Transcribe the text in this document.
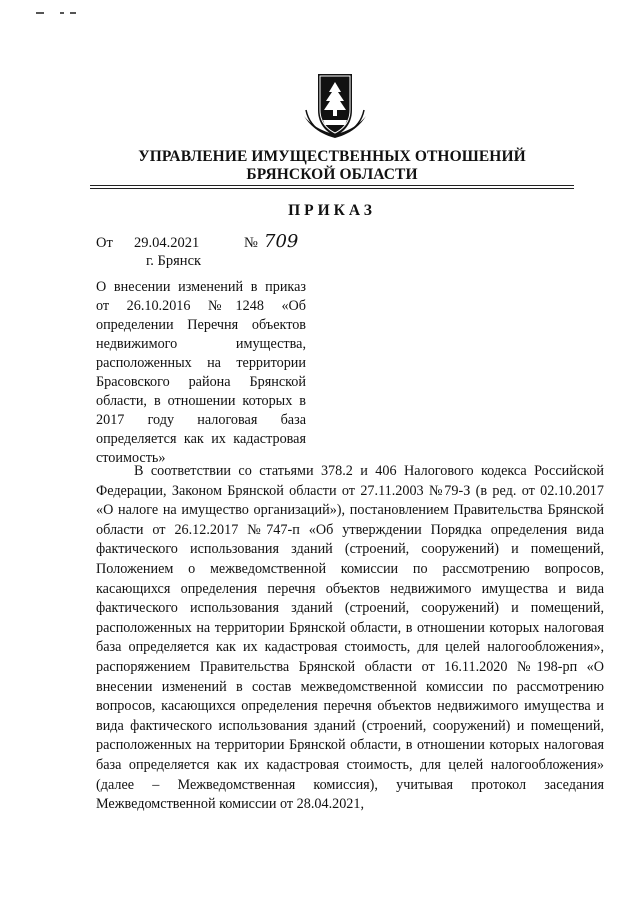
УПРАВЛЕНИЕ ИМУЩЕСТВЕННЫХ ОТНОШЕНИЙ
БРЯНСКОЙ ОБЛАСТИ
ПРИКАЗ
От 29.04.2021	№ 709
г. Брянск
О внесении изменений в приказ от 26.10.2016 №1248 «Об определении Перечня объектов недвижимого имущества, расположенных на территории Брасовского района Брянской области, в отношении которых в 2017 году налоговая база определяется как их кадастровая стоимость»
В соответствии со статьями 378.2 и 406 Налогового кодекса Российской Федерации, Законом Брянской области от 27.11.2003 №79-З (в ред. от 02.10.2017 «О налоге на имущество организаций»), постановлением Правительства Брянской области от 26.12.2017 №747-п «Об утверждении Порядка определения вида фактического использования зданий (строений, сооружений) и помещений, Положением о межведомственной комиссии по рассмотрению вопросов, касающихся определения перечня объектов недвижимого имущества и вида фактического использования зданий (строений, сооружений) и помещений, расположенных на территории Брянской области, в отношении которых налоговая база определяется как их кадастровая стоимость, для целей налогообложения», распоряжением Правительства Брянской области от 16.11.2020 №198-рп «О внесении изменений в состав межведомственной комиссии по рассмотрению вопросов, касающихся определения перечня объектов недвижимого имущества и вида фактического использования зданий (строений, сооружений) и помещений, расположенных на территории Брянской области, в отношении которых налоговая база определяется как их кадастровая стоимость, для целей налогообложения» (далее – Межведомственная комиссия), учитывая протокол заседания Межведомственной комиссии от 28.04.2021,
